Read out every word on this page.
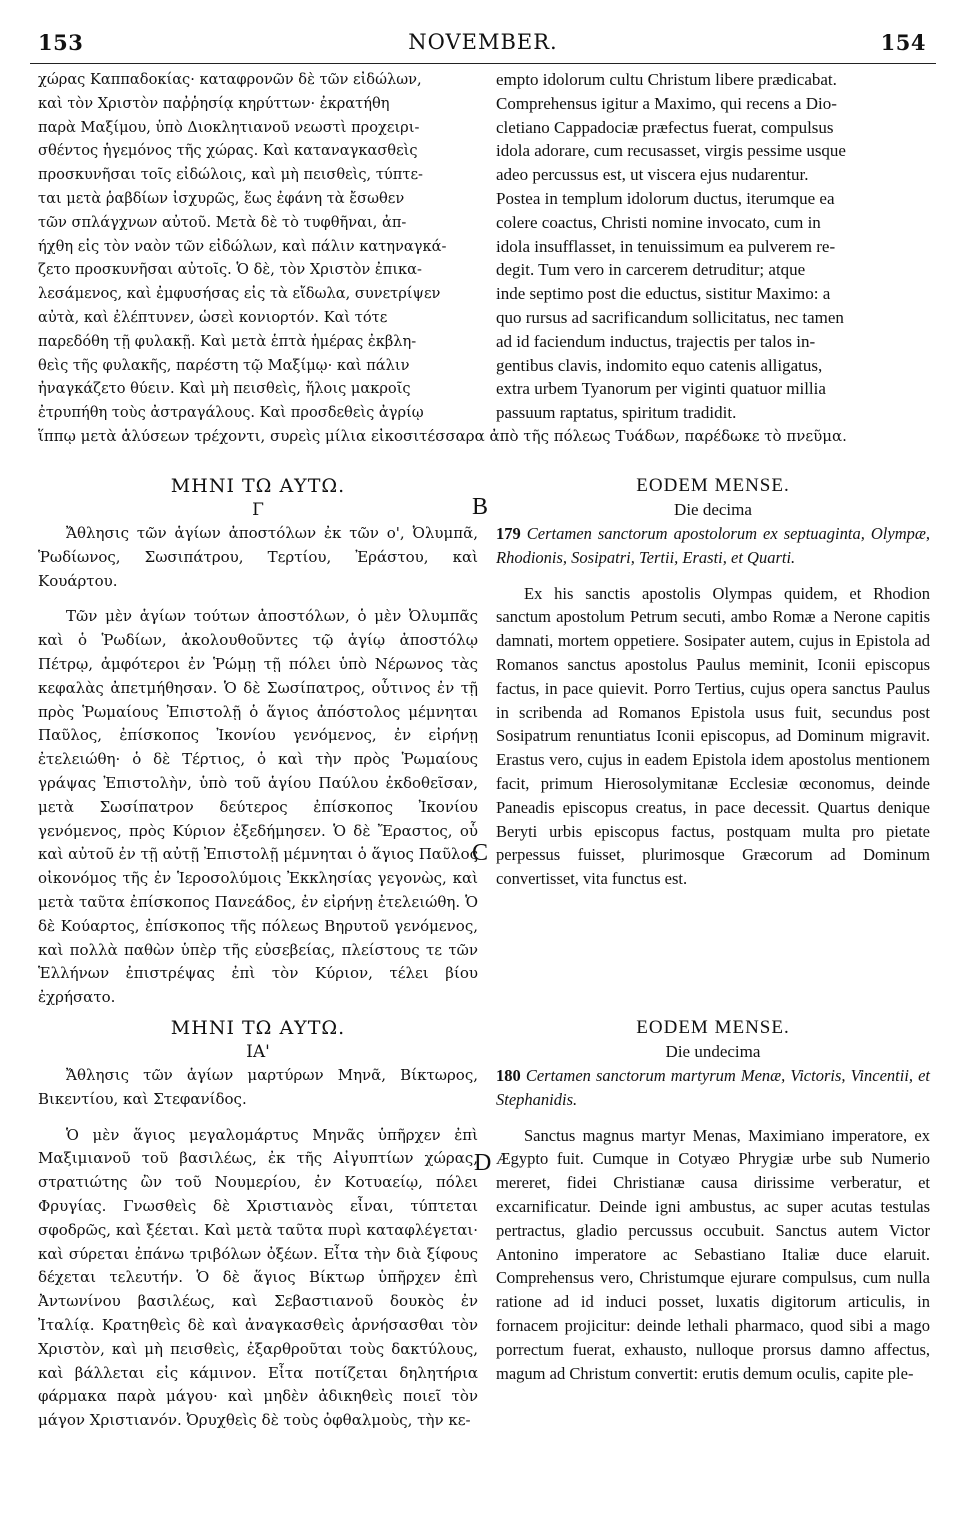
NOVEMBER.
153	154
χώρας Καππαδοκίας· καταφρονῶν δὲ τῶν εἰδώλων,
καὶ τὸν Χριστὸν παῤῥησίᾳ κηρύττων· ἐκρατήθη
παρὰ Μαξίμου, ὑπὸ Διοκλητιανοῦ νεωστὶ προχειρι-
σθέντος ἡγεμόνος τῆς χώρας. Καὶ καταναγκασθεὶς
προσκυνῆσαι τοῖς εἰδώλοις, καὶ μὴ πεισθεὶς, τύπτε-
ται μετὰ ῥαβδίων ἰσχυρῶς, ἕως ἐφάνη τὰ ἔσωθεν
τῶν σπλάγχνων αὐτοῦ. Μετὰ δὲ τὸ τυφθῆναι, ἀπ-
ήχθη εἰς τὸν ναὸν τῶν εἰδώλων, καὶ πάλιν κατηναγκά-
ζετο προσκυνῆσαι αὐτοῖς. Ὁ δὲ, τὸν Χριστὸν ἐπικα-
λεσάμενος, καὶ ἐμφυσήσας εἰς τὰ εἴδωλα, συνετρίψεν
αὐτὰ, καὶ ἐλέπτυνεν, ὡσεὶ κονιορτόν. Καὶ τότε
παρεδόθη τῇ φυλακῇ. Καὶ μετὰ ἑπτὰ ἡμέρας ἐκβλη-
θεὶς τῆς φυλακῆς, παρέστη τῷ Μαξίμῳ· καὶ πάλιν
ἠναγκάζετο θύειν. Καὶ μὴ πεισθεὶς, ἥλοις μακροῖς
ἐτρυπήθη τοὺς ἀστραγάλους. Καὶ προσδεθεὶς ἀγρίῳ
empto idolorum cultu Christum libere prædicabat.
Comprehensus igitur a Maximo, qui recens a Dio-
cletiano Cappadociæ præfectus fuerat, compulsus
idola adorare, cum recusasset, virgis pessime usque
adeo percussus est, ut viscera ejus nudarentur.
Postea in templum idolorum ductus, iterumque ea
colere coactus, Christi nomine invocato, cum in
idola insufflasset, in tenuissimum ea pulverem re-
degit. Tum vero in carcerem detruditur; atque
inde septimo post die eductus, sistitur Maximo: a
quo rursus ad sacrificandum sollicitatus, nec tamen
ad id faciendum inductus, trajectis per talos in-
gentibus clavis, indomito equo catenis alligatus,
extra urbem Tyanorum per viginti quatuor millia
passuum raptatus, spiritum tradidit.
ἵππῳ μετὰ ἁλύσεων τρέχοντι, συρεὶς μίλια εἰκοσιτέσσαρα ἀπὸ τῆς πόλεως Τυάδων, παρέδωκε τὸ πνεῦμα.
ΜΗΝΙ ΤΩ ΑΥΤΩ.
Γ

Ἄθλησις τῶν ἁγίων ἀποστόλων ἐκ τῶν ο', Ὀλυμπᾶ, Ῥωδίωνος, Σωσιπάτρου, Τερτίου, Ἐράστου, καὶ Κουάρτου.

Τῶν μὲν ἁγίων τούτων ἀποστόλων, ὁ μὲν Ὀλυμπᾶς καὶ ὁ Ῥωδίων, ἀκολουθοῦντες τῷ ἁγίῳ ἀποστόλῳ Πέτρῳ, ἀμφότεροι ἐν Ῥώμῃ τῇ πόλει ὑπὸ Νέρωνος τὰς κεφαλὰς ἀπετμήθησαν. Ὁ δὲ Σωσίπατρος, οὗτινος ἐν τῇ πρὸς Ῥωμαίους Ἐπιστολῇ ὁ ἅγιος ἀπόστολος μέμνηται Παῦλος, ἐπίσκοπος Ἰκονίου γενόμενος, ἐν εἰρήνῃ ἐτελειώθη· ὁ δὲ Τέρτιος, ὁ καὶ τὴν πρὸς Ῥωμαίους γράψας Ἐπιστολὴν, ὑπὸ τοῦ ἁγίου Παύλου ἐκδοθεῖσαν, μετὰ Σωσίπατρον δεύτερος ἐπίσκοπος Ἰκονίου γενόμενος, πρὸς Κύριον ἐξεδήμησεν. Ὁ δὲ Ἔραστος, οὗ καὶ αὐτοῦ ἐν τῇ αὐτῇ Ἐπιστολῇ μέμνηται ὁ ἅγιος Παῦλος οἰκονόμος τῆς ἐν Ἱεροσολύμοις Ἐκκλησίας γεγονὼς, καὶ μετὰ ταῦτα ἐπίσκοπος Πανεάδος, ἐν εἰρήνῃ ἐτελειώθη. Ὁ δὲ Κούαρτος, ἐπίσκοπος τῆς πόλεως Βηρυτοῦ γενόμενος, καὶ πολλὰ παθὼν ὑπὲρ τῆς εὐσεβείας, πλείστους τε τῶν Ἑλλήνων ἐπιστρέψας ἐπὶ τὸν Κύριον, τέλει βίου ἐχρήσατο.

B
EODEM MENSE.
Die decima

179 Certamen sanctorum apostolorum ex septuaginta, Olympæ, Rhodionis, Sosipatri, Tertii, Erasti, et Quarti.

Ex his sanctis apostolis Olympas quidem, et Rhodion sanctum apostolum Petrum secuti, ambo Romæ a Nerone capitis damnati, mortem oppetiere. Sosipater autem, cujus in Epistola ad Romanos sanctus apostolus Paulus meminit, Iconii episcopus factus, in pace quievit. Porro Tertius, cujus opera sanctus Paulus in scribenda ad Romanos Epistola usus fuit, secundus post Sosipatrum renuntiatus Iconii episcopus, ad Dominum migravit. Erastus vero, cujus in eadem Epistola idem apostolus mentionem facit, primum Hierosolymitanæ Ecclesiæ œconomus, deinde Paneadis episcopus creatus, in pace decessit. Quartus denique Beryti urbis episcopus factus, postquam multa pro pietate perpessus fuisset, plurimosque Græcorum ad Dominum convertisset, vita functus est.

C
ΜΗΝΙ ΤΩ ΑΥΤΩ.
ΙΑ'

Ἄθλησις τῶν ἁγίων μαρτύρων Μηνᾶ, Βίκτωρος, Βικεντίου, καὶ Στεφανίδος.

Ὁ μὲν ἅγιος μεγαλομάρτυς Μηνᾶς ὑπῆρχεν ἐπὶ Μαξιμιανοῦ τοῦ βασιλέως, ἐκ τῆς Αἰγυπτίων χώρας, στρατιώτης ὢν τοῦ Νουμερίου, ἐν Κοτυαείῳ, πόλει Φρυγίας. Γνωσθεὶς δὲ Χριστιανὸς εἶναι, τύπτεται σφοδρῶς, καὶ ξέεται. Καὶ μετὰ ταῦτα πυρὶ καταφλέγεται· καὶ σύρεται ἐπάνω τριβόλων ὀξέων. Εἶτα τὴν διὰ ξίφους δέχεται τελευτήν. Ὁ δὲ ἅγιος Βίκτωρ ὑπῆρχεν ἐπὶ Ἀντωνίνου βασιλέως, καὶ Σεβαστιανοῦ δουκὸς ἐν Ἰταλίᾳ. Κρατηθεὶς δὲ καὶ ἀναγκασθεὶς ἀρνήσασθαι τὸν Χριστὸν, καὶ μὴ πεισθεὶς, ἐξαρθροῦται τοὺς δακτύλους, καὶ βάλλεται εἰς κάμινον. Εἶτα ποτίζεται δηλητήρια φάρμακα παρὰ μάγου· καὶ μηδὲν ἀδικηθεὶς ποιεῖ τὸν μάγον Χριστιανόν. Ὀρυχθεὶς δὲ τοὺς ὀφθαλμοὺς, τὴν κε-

D
EODEM MENSE.
Die undecima

180 Certamen sanctorum martyrum Menæ, Victoris, Vincentii, et Stephanidis.

Sanctus magnus martyr Menas, Maximiano imperatore, ex Ægypto fuit. Cumque in Cotyæo Phrygiæ urbe sub Numerio mereret, fidei Christianæ causa dirissime verberatur, et excarnificatur. Deinde igni ambustus, ac super acutas testulas pertractus, gladio percussus occubuit. Sanctus autem Victor Antonino imperatore ac Sebastiano Italiæ duce elaruit. Comprehensus vero, Christumque ejurare compulsus, cum nulla ratione ad id induci posset, luxatis digitorum articulis, in fornacem projicitur: deinde lethali pharmaco, quod sibi a mago porrectum fuerat, exhausto, nulloque prorsus damno affectus, magum ad Christum convertit: erutis demum oculis, capite ple-
